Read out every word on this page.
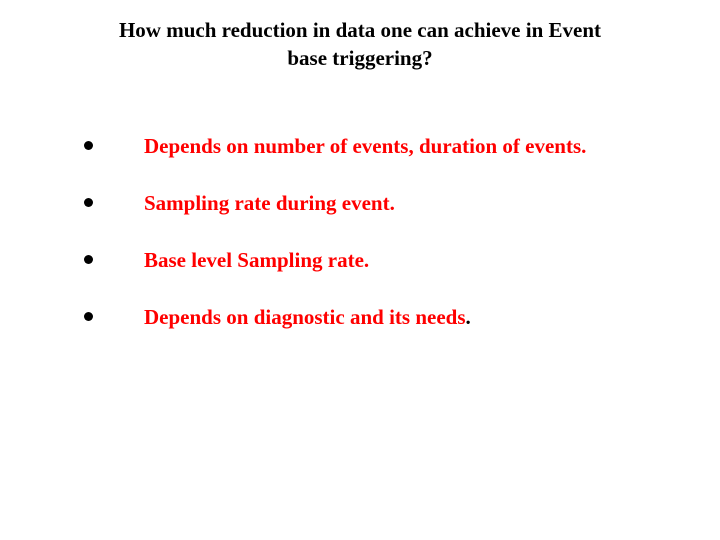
How much reduction in data one can achieve in Event
base triggering?
Depends on number of events, duration of events.
Sampling rate during event.
Base level Sampling rate.
Depends on diagnostic and its needs.
